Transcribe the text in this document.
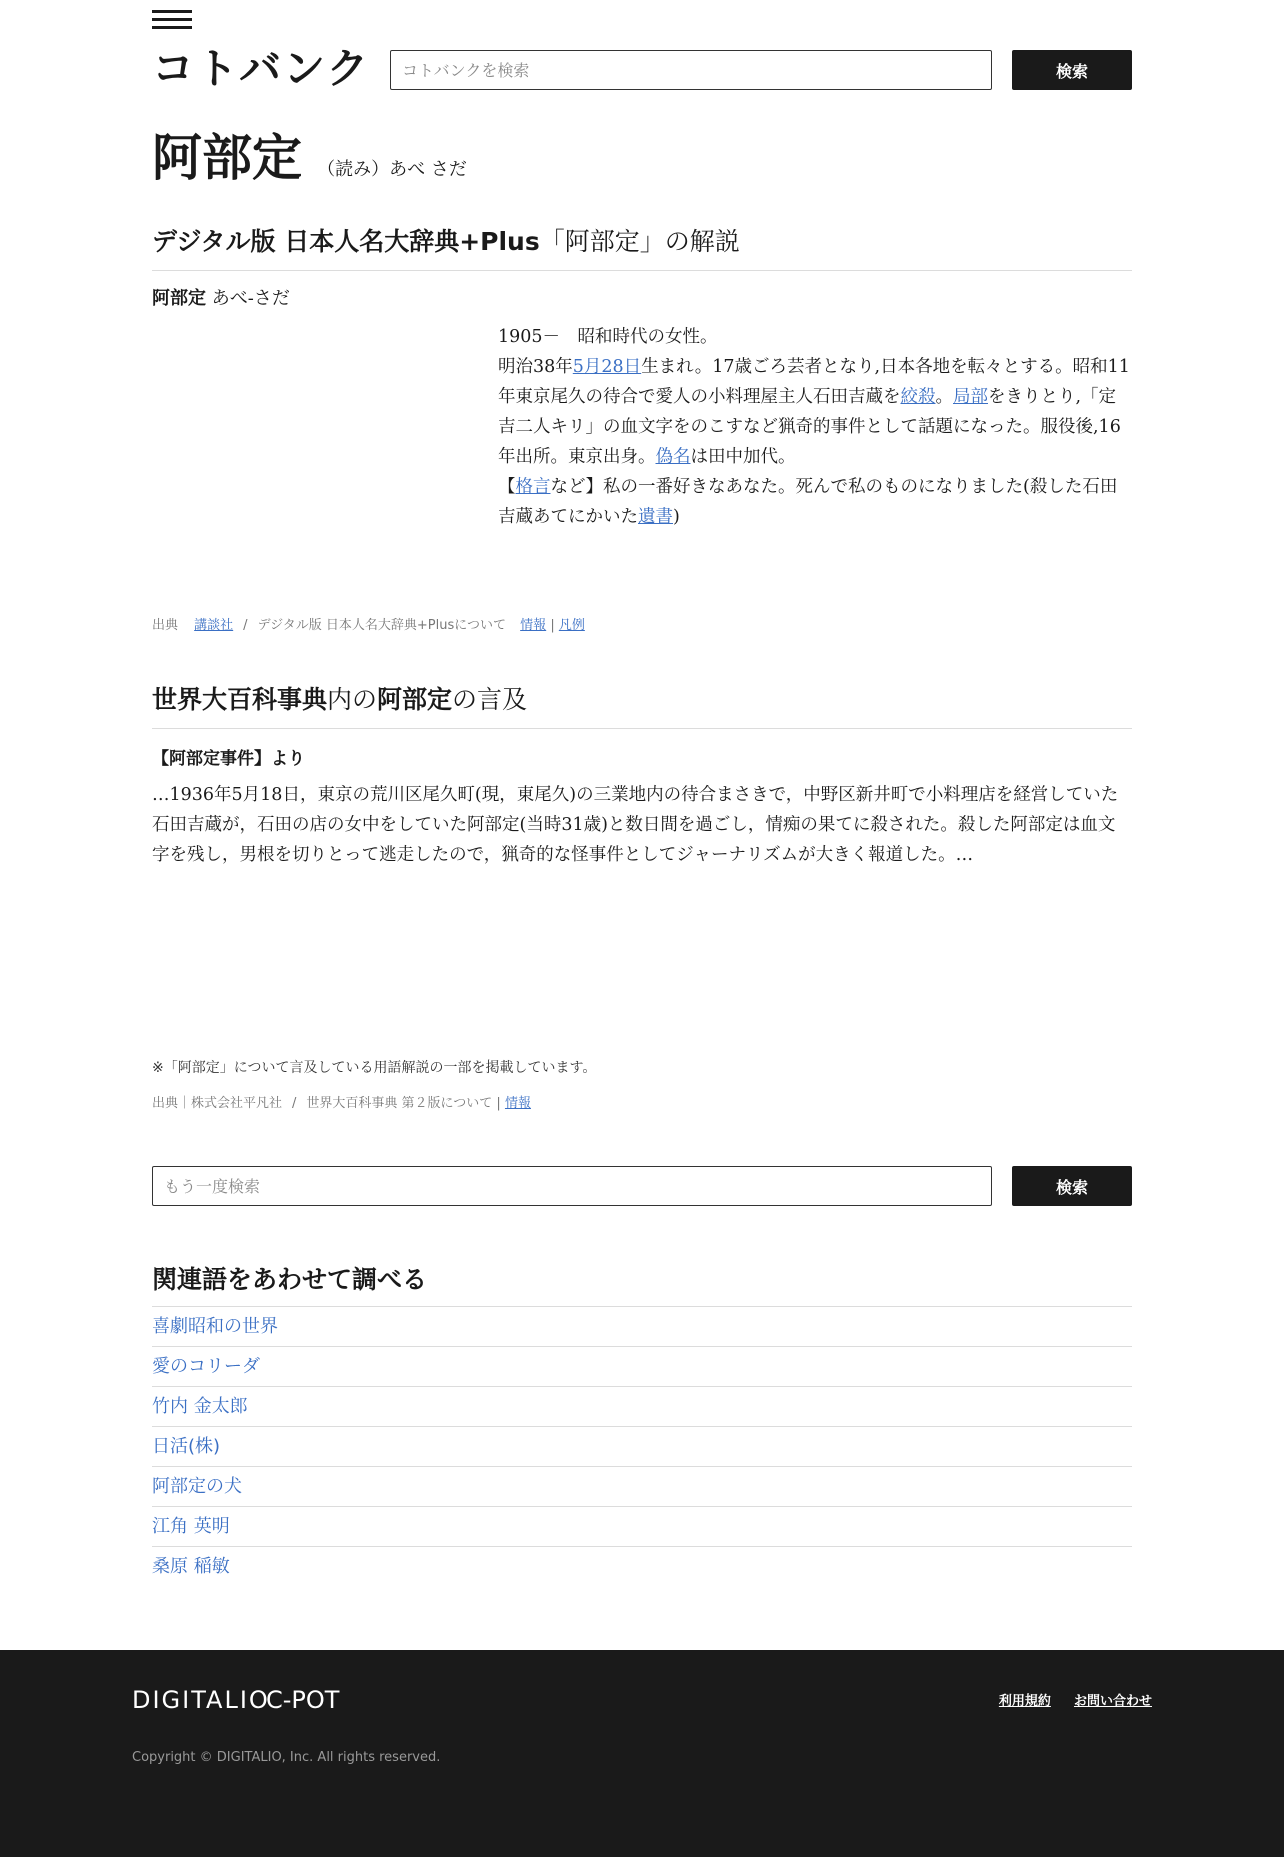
コトバンク
コトバンクを検索	検索
阿部定 （読み）あべ さだ
デジタル版 日本人名大辞典+Plus「阿部定」の解説
阿部定 あべ-さだ
1905－　昭和時代の女性。
明治38年5月28日生まれ。17歳ごろ芸者となり,日本各地を転々とする。昭和11年東京尾久の待合で愛人の小料理屋主人石田吉蔵を絞殺。局部をきりとり,「定吉二人キリ」の血文字をのこすなど猟奇的事件として話題になった。服役後,16年出所。東京出身。偽名は田中加代。
【格言など】私の一番好きなあなた。死んで私のものになりました(殺した石田吉蔵あてにかいた遺書)
出典 講談社 / デジタル版 日本人名大辞典+Plusについて 情報 | 凡例
世界大百科事典内の阿部定の言及
【阿部定事件】より
…1936年5月18日，東京の荒川区尾久町(現，東尾久)の三業地内の待合まさきで，中野区新井町で小料理店を経営していた石田吉蔵が，石田の店の女中をしていた阿部定(当時31歳)と数日間を過ごし，情痴の果てに殺された。殺した阿部定は血文字を残し，男根を切りとって逃走したので，猟奇的な怪事件としてジャーナリズムが大きく報道した。…
※「阿部定」について言及している用語解説の一部を掲載しています。
出典｜株式会社平凡社 / 世界大百科事典 第２版について | 情報
もう一度検索
検索
関連語をあわせて調べる
喜劇昭和の世界
愛のコリーダ
竹内 金太郎
日活(株)
阿部定の犬
江角 英明
桑原 稲敏
DIGITALIO
C-POT	利用規約 お問い合わせ
Copyright © DIGITALIO, Inc. All rights reserved.
